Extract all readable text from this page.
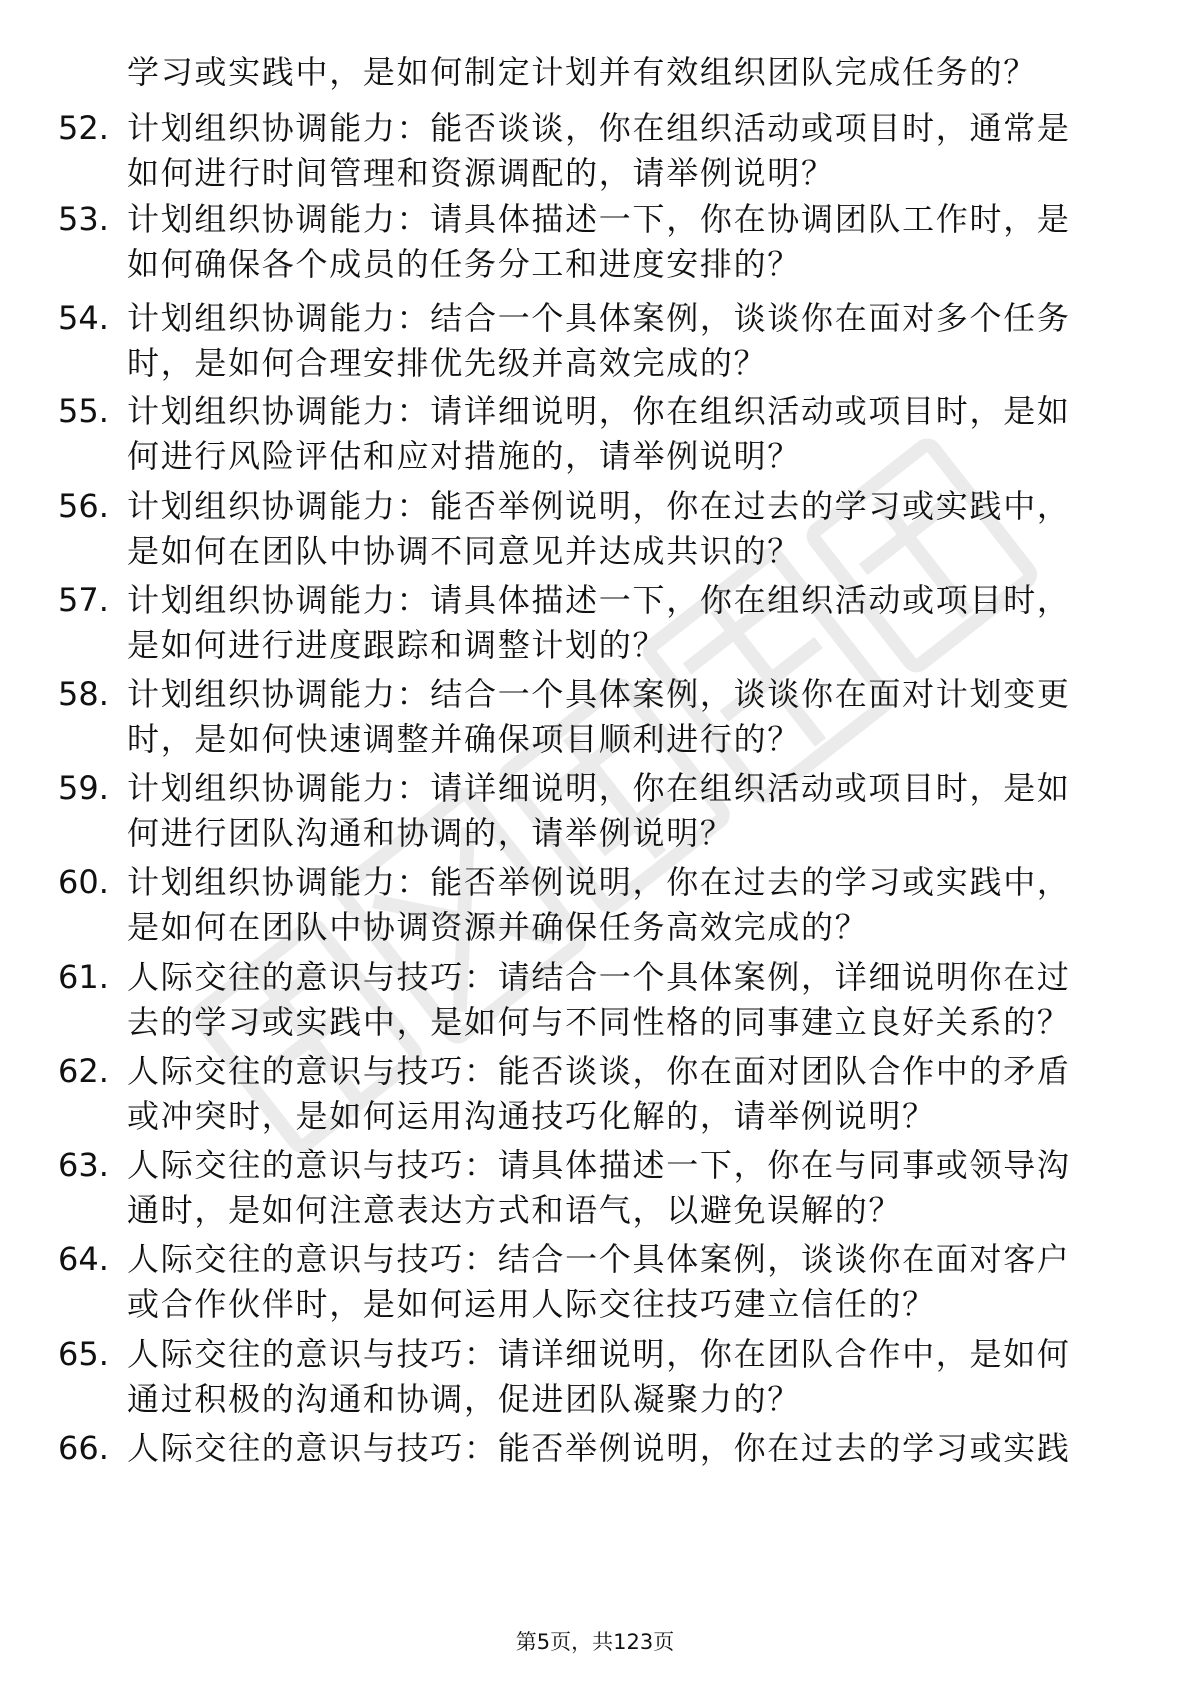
学习或实践中，是如何制定计划并有效组织团队完成任务的？
52. 计划组织协调能力：能否谈谈，你在组织活动或项目时，通常是
如何进行时间管理和资源调配的，请举例说明？
53. 计划组织协调能力：请具体描述一下，你在协调团队工作时，是
如何确保各个成员的任务分工和进度安排的？
54. 计划组织协调能力：结合一个具体案例，谈谈你在面对多个任务
时，是如何合理安排优先级并高效完成的？
55. 计划组织协调能力：请详细说明，你在组织活动或项目时，是如
何进行风险评估和应对措施的，请举例说明？
56. 计划组织协调能力：能否举例说明，你在过去的学习或实践中，
是如何在团队中协调不同意见并达成共识的？
57. 计划组织协调能力：请具体描述一下，你在组织活动或项目时，
是如何进行进度跟踪和调整计划的？
58. 计划组织协调能力：结合一个具体案例，谈谈你在面对计划变更
时，是如何快速调整并确保项目顺利进行的？
59. 计划组织协调能力：请详细说明，你在组织活动或项目时，是如
何进行团队沟通和协调的，请举例说明？
60. 计划组织协调能力：能否举例说明，你在过去的学习或实践中，
是如何在团队中协调资源并确保任务高效完成的？
61. 人际交往的意识与技巧：请结合一个具体案例，详细说明你在过
去的学习或实践中，是如何与不同性格的同事建立良好关系的？
62. 人际交往的意识与技巧：能否谈谈，你在面对团队合作中的矛盾
或冲突时，是如何运用沟通技巧化解的，请举例说明？
63. 人际交往的意识与技巧：请具体描述一下，你在与同事或领导沟
通时，是如何注意表达方式和语气，以避免误解的？
64. 人际交往的意识与技巧：结合一个具体案例，谈谈你在面对客户
或合作伙伴时，是如何运用人际交往技巧建立信任的？
65. 人际交往的意识与技巧：请详细说明，你在团队合作中，是如何
通过积极的沟通和协调，促进团队凝聚力的？
66. 人际交往的意识与技巧：能否举例说明，你在过去的学习或实践
第5页，共123页
